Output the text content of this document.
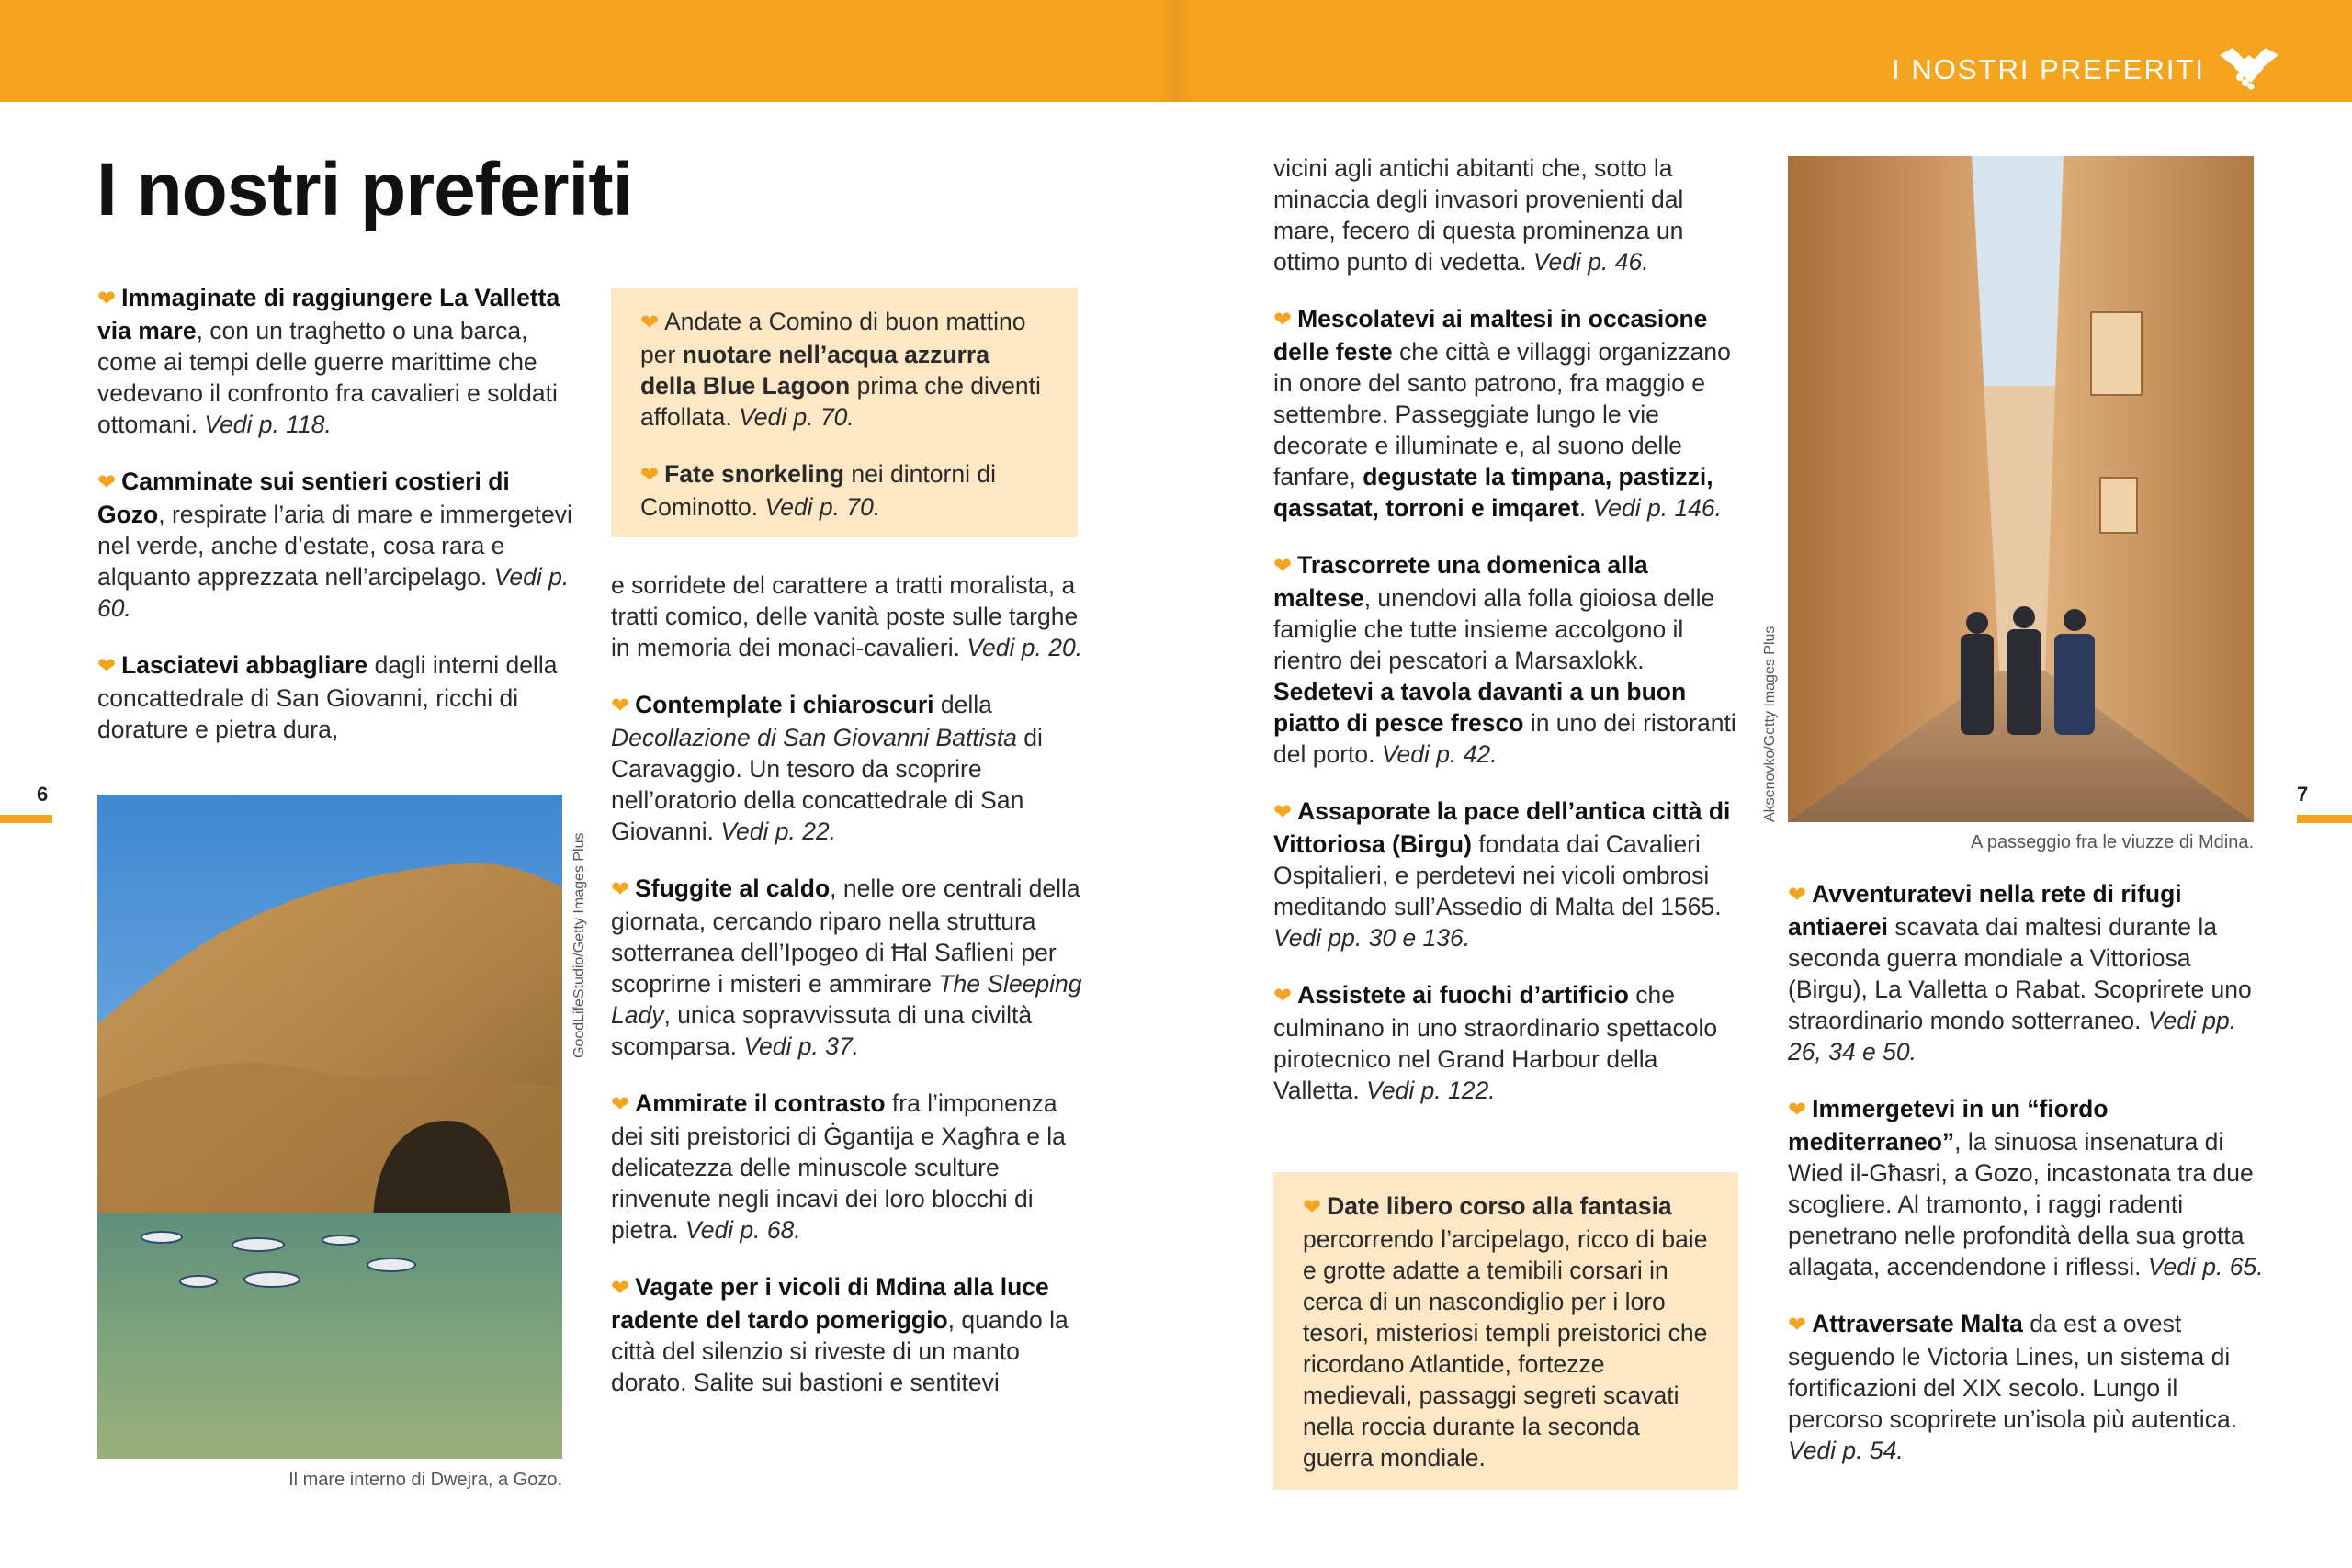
I NOSTRI PREFERITI
I nostri preferiti

❤ Immaginate di raggiungere La Valletta via mare, con un traghetto o una barca, come ai tempi delle guerre marittime che vedevano il confronto fra cavalieri e soldati ottomani. Vedi p. 118.

❤ Camminate sui sentieri costieri di Gozo, respirate l’aria di mare e immergetevi nel verde, anche d’estate, cosa rara e alquanto apprezzata nell’arcipelago. Vedi p. 60.

❤ Lasciatevi abbagliare dagli interni della concattedrale di San Giovanni, ricchi di dorature e pietra dura,

GoodLifeStudio/Getty Images Plus
Il mare interno di Dwejra, a Gozo.

❤ Andate a Comino di buon mattino per nuotare nell’acqua azzurra della Blue Lagoon prima che diventi affollata. Vedi p. 70.

❤ Fate snorkeling nei dintorni di Cominotto. Vedi p. 70.

e sorridete del carattere a tratti moralista, a tratti comico, delle vanità poste sulle targhe in memoria dei monaci-cavalieri. Vedi p. 20.

❤ Contemplate i chiaroscuri della Decollazione di San Giovanni Battista di Caravaggio. Un tesoro da scoprire nell’oratorio della concattedrale di San Giovanni. Vedi p. 22.

❤ Sfuggite al caldo, nelle ore centrali della giornata, cercando riparo nella struttura sotterranea dell’Ipogeo di Ħal Saflieni per scoprirne i misteri e ammirare The Sleeping Lady, unica sopravvissuta di una civiltà scomparsa. Vedi p. 37.

❤ Ammirate il contrasto fra l’imponenza dei siti preistorici di Ġgantija e Xagħra e la delicatezza delle minuscole sculture rinvenute negli incavi dei loro blocchi di pietra. Vedi p. 68.

❤ Vagate per i vicoli di Mdina alla luce radente del tardo pomeriggio, quando la città del silenzio si riveste di un manto dorato. Salite sui bastioni e sentitevi

vicini agli antichi abitanti che, sotto la minaccia degli invasori provenienti dal mare, fecero di questa prominenza un ottimo punto di vedetta. Vedi p. 46.

❤ Mescolatevi ai maltesi in occasione delle feste che città e villaggi organizzano in onore del santo patrono, fra maggio e settembre. Passeggiate lungo le vie decorate e illuminate e, al suono delle fanfare, degustate la timpana, pastizzi, qassatat, torroni e imqaret. Vedi p. 146.

❤ Trascorrete una domenica alla maltese, unendovi alla folla gioiosa delle famiglie che tutte insieme accolgono il rientro dei pescatori a Marsaxlokk. Sedetevi a tavola davanti a un buon piatto di pesce fresco in uno dei ristoranti del porto. Vedi p. 42.

❤ Assaporate la pace dell’antica città di Vittoriosa (Birgu) fondata dai Cavalieri Ospitalieri, e perdetevi nei vicoli ombrosi meditando sull’Assedio di Malta del 1565. Vedi pp. 30 e 136.

❤ Assistete ai fuochi d’artificio che culminano in uno straordinario spettacolo pirotecnico nel Grand Harbour della Valletta. Vedi p. 122.

❤ Date libero corso alla fantasia percorrendo l’arcipelago, ricco di baie e grotte adatte a temibili corsari in cerca di un nascondiglio per i loro tesori, misteriosi templi preistorici che ricordano Atlantide, fortezze medievali, passaggi segreti scavati nella roccia durante la seconda guerra mondiale.

Aksenovko/Getty Images Plus
A passeggio fra le viuzze di Mdina.

❤ Avventuratevi nella rete di rifugi antiaerei scavata dai maltesi durante la seconda guerra mondiale a Vittoriosa (Birgu), La Valletta o Rabat. Scoprirete uno straordinario mondo sotterraneo. Vedi pp. 26, 34 e 50.

❤ Immergetevi in un “fiordo mediterraneo”, la sinuosa insenatura di Wied il-Għasri, a Gozo, incastonata tra due scogliere. Al tramonto, i raggi radenti penetrano nelle profondità della sua grotta allagata, accendendone i riflessi. Vedi p. 65.

❤ Attraversate Malta da est a ovest seguendo le Victoria Lines, un sistema di fortificazioni del XIX secolo. Lungo il percorso scoprirete un’isola più autentica. Vedi p. 54.

6	7
